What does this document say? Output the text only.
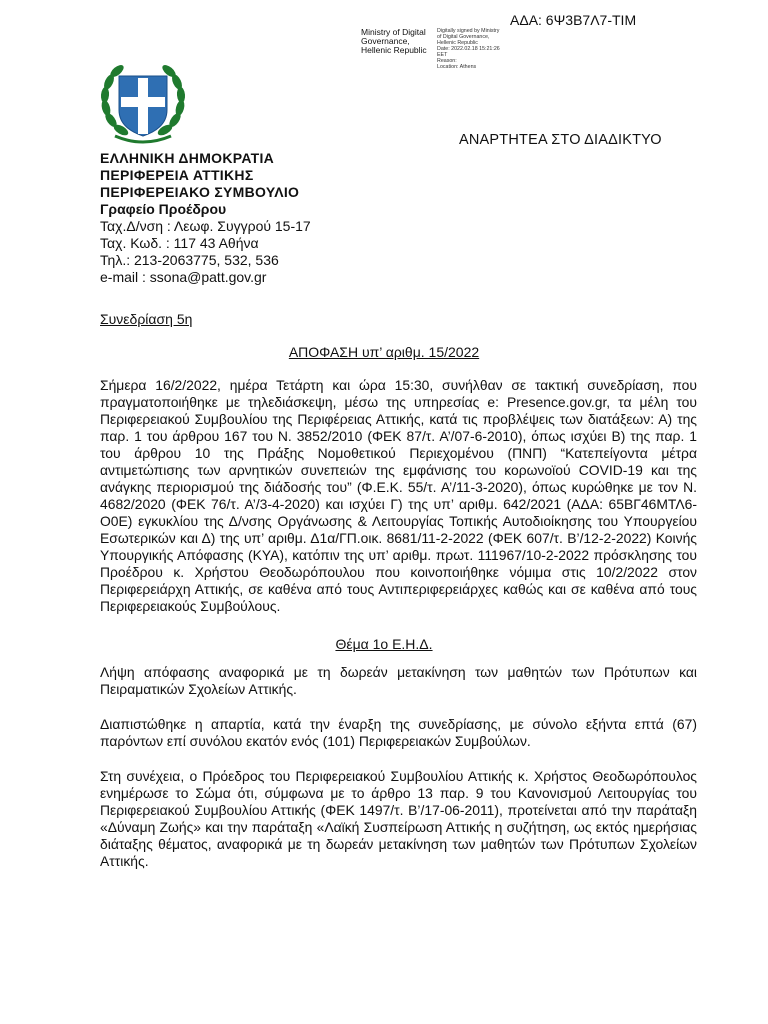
ΑΔΑ: 6Ψ3Β7Λ7-ΤΙΜ
Ministry of Digital
Governance,
Hellenic Republic
Digitally signed by Ministry
of Digital Governance,
Hellenic Republic
Date: 2022.02.18 15:21:26
EET
Reason:
Location: Athens
ΑΝΑΡΤΗΤΕΑ ΣΤΟ ΔΙΑΔΙΚΤΥΟ
ΕΛΛΗΝΙΚΗ ΔΗΜΟΚΡΑΤΙΑ
ΠΕΡΙΦΕΡΕΙΑ ΑΤΤΙΚΗΣ
ΠΕΡΙΦΕΡΕΙΑΚΟ ΣΥΜΒΟΥΛΙΟ
Γραφείο Προέδρου
Ταχ.Δ/νση : Λεωφ. Συγγρού 15-17
Ταχ. Κωδ. : 117 43 Αθήνα
Τηλ.: 213-2063775, 532, 536
e-mail : ssona@patt.gov.gr
Συνεδρίαση 5η
ΑΠΟΦΑΣΗ υπ’ αριθμ. 15/2022
Σήμερα 16/2/2022, ημέρα Τετάρτη και ώρα 15:30, συνήλθαν σε τακτική συνεδρίαση, που πραγματοποιήθηκε με τηλεδιάσκεψη, μέσω της υπηρεσίας e: Presence.gov.gr, τα μέλη του Περιφερειακού Συμβουλίου της Περιφέρειας Αττικής, κατά τις προβλέψεις των διατάξεων: Α) της παρ. 1 του άρθρου 167 του Ν. 3852/2010 (ΦΕΚ 87/τ. Α’/07-6-2010), όπως ισχύει Β) της παρ. 1 του άρθρου 10 της Πράξης Νομοθετικού Περιεχομένου (ΠΝΠ) “Κατεπείγοντα μέτρα αντιμετώπισης των αρνητικών συνεπειών της εμφάνισης του κορωνοϊού COVID-19 και της ανάγκης περιορισμού της διάδοσής του” (Φ.Ε.Κ. 55/τ. Α’/11-3-2020), όπως κυρώθηκε με τον Ν. 4682/2020 (ΦΕΚ 76/τ. Α’/3-4-2020) και ισχύει Γ) της υπ’ αριθμ. 642/2021 (ΑΔΑ: 65ΒΓ46ΜΤΛ6-Ο0Ε) εγκυκλίου της Δ/νσης Οργάνωσης & Λειτουργίας Τοπικής Αυτοδιοίκησης του Υπουργείου Εσωτερικών και Δ) της υπ’ αριθμ. Δ1α/ΓΠ.οικ. 8681/11-2-2022 (ΦΕΚ 607/τ. Β’/12-2-2022) Κοινής Υπουργικής Απόφασης (ΚΥΑ), κατόπιν της υπ’ αριθμ. πρωτ. 111967/10-2-2022 πρόσκλησης του Προέδρου κ. Χρήστου Θεοδωρόπουλου που κοινοποιήθηκε νόμιμα στις 10/2/2022 στον Περιφερειάρχη Αττικής, σε καθένα από τους Αντιπεριφερειάρχες καθώς και σε καθένα από τους Περιφερειακούς Συμβούλους.
Θέμα 1ο Ε.Η.Δ.
Λήψη απόφασης αναφορικά με τη δωρεάν μετακίνηση των μαθητών των Πρότυπων και Πειραματικών Σχολείων Αττικής.
Διαπιστώθηκε η απαρτία, κατά την έναρξη της συνεδρίασης, με σύνολο εξήντα επτά (67) παρόντων επί συνόλου εκατόν ενός (101) Περιφερειακών Συμβούλων.
Στη συνέχεια, ο Πρόεδρος του Περιφερειακού Συμβουλίου Αττικής κ. Χρήστος Θεοδωρόπουλος ενημέρωσε το Σώμα ότι, σύμφωνα με το άρθρο 13 παρ. 9 του Κανονισμού Λειτουργίας του Περιφερειακού Συμβουλίου Αττικής (ΦΕΚ 1497/τ. Β’/17-06-2011), προτείνεται από την παράταξη «Δύναμη Ζωής» και την παράταξη «Λαϊκή Συσπείρωση Αττικής η συζήτηση, ως εκτός ημερήσιας διάταξης θέματος, αναφορικά με τη δωρεάν μετακίνηση των μαθητών των Πρότυπων Σχολείων Αττικής.
